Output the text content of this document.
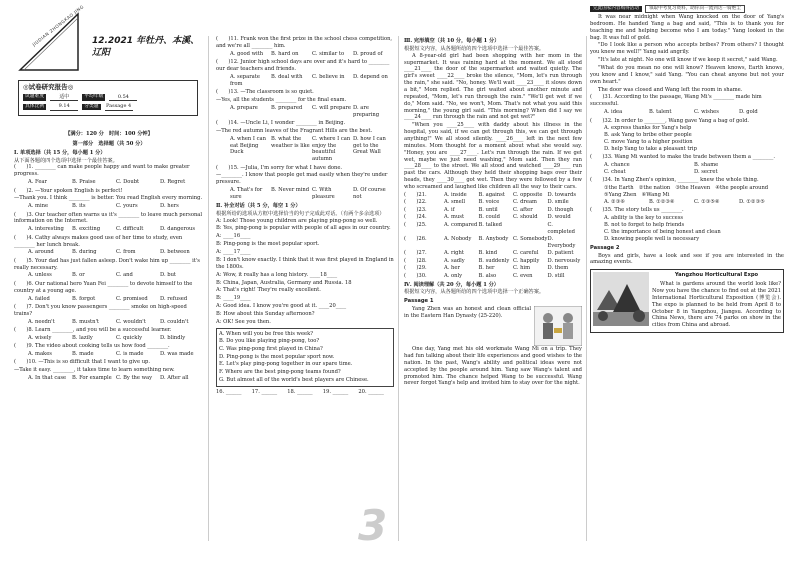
完此国家内容购得活动	领取中考复习资料，助你向一流到达一骑绝尘
JIUDIAN ZHONGKAO JING 12.2021 年牡丹、本溪、辽阳
◎试卷研究报告◎
试题难度	适中	平均年级	0.54
具体比例	9.14	分类题	Passage 4
【满分：120 分　时间：100 分钟】
第一部分　选择题（共 50 分）
Ⅰ. 单项选择（共 15 分，每小题 1 分）
从下面各题的四个选项中选择一个最佳答案。
(　　)1. ________ can make people happy and want to make greater progress.
A. Fear	B. Praise	C. Doubt	D. Regret
(　　)2. —Your spoken English is perfect!
—Thank you. I think ________ is better. You read English every morning.
A. mine	B. its	C. yours	D. hers
(　　)3. Our teacher often warns us it's ________ to leave much personal information on the Internet.
A. interesting	B. exciting	C. difficult	D. dangerous
(　　)4. Cathy always makes good use of her time to study, even ________ her lunch break.
A. around	B. during	C. from	D. between
(　　)5. Your dad has just fallen asleep. Don't wake him up ________ it's really necessary.
A. unless	B. or	C. and	D. but
(　　)6. Our national hero Yuan Fei ________ to devote himself to the country at a young age.
A. failed	B. forgot	C. promised	D. refused
(　　)7. Don't you know passengers ________ smoke on high-speed trains?
A. needn't	B. mustn't	C. wouldn't	D. couldn't
(　　)8. Learn ________, and you will be a successful learner.
A. wisely	B. lazily	C. quickly	D. blindly
(　　)9. The video about cooking tells us how food ________.
A. makes	B. made	C. is made	D. was made
(　　)10. —This is so difficult that I want to give up.
—Take it easy. ________, it takes time to learn something new.
A. In that case	B. For example C. By the way	D. After all
(　　)11. Frank won the first prize in the school chess competition, and we're all ________ him.
A. good with	B. hard on	C. similar to	D. proud of
(　　)12. Junior high school days are over and it's hard to ________ our dear teachers and friends.
A. separate from
B. deal with	C. believe in	D. depend on
(　　)13. —The classroom is so quiet.
—Yes, all the students ________ for the final exam.
A. prepare	B. prepared	C. will prepare D. are preparing
(　　)14. —Uncle Li, I wonder ________ in Beijing.
—The red autumn leaves of the Fragrant Hills are the best.
A. when I can eat Beijing Duck
B. what the weather is like
C. where I can enjoy the beautiful autumn
D. how I can get to the Great Wall
(　　)15. —Julia, I'm sorry for what I have done.
—________. I know that people get mad easily when they're under pressure.
A. That's for sure
B. Never mind C. With pleasure
D. Of course not
Ⅱ. 补全对话（共 5 分，每空 1 分）
根据所给的选项从方框中选择恰当的句子完成此对话。（有两个多余选项）
A: Look! Those young children are playing ping-pong so well.
B: Yes, ping-pong is popular with people of all ages in our country.
A: ____16____
B: Ping-pong is the most popular sport.
A: ____17____
B: I don't know exactly. I think that it was first played in England in the 1800s.
A: Wow, it really has a long history. ____18____
B: China, Japan, Australia, Germany and Russia. 18
A: That's right! They're really excellent.
B: ____19____
A: Good idea. I know you're good at it. ____20____
B: How about this Sunday afternoon?
A: OK! See you then.
A. When will you be free this week?
B. Do you like playing ping-pong, too?
C. Was ping-pong first played in China?
D. Ping-pong is the most popular sport now.
E. Let's play ping-pong together in our spare time.
F. Where are the best ping-pong teams found?
G. But almost all of the world's best players are Chinese.
16. ______	17. ______	18. ______	19. ______	20. ______
Ⅲ. 完形填空（共 10 分，每小题 1 分）
根据短文内容，从各题所给的四个选项中选择一个最佳答案。

A 8-year-old girl had been shopping with her mom in the supermarket. It was raining hard at the moment. We all stood ____21____ the door of the supermarket and waited quietly. The girl's sweet ____22____ broke the silence, "Mom, let's run through the rain," she said. "No, honey. We'll wait ____23____ it slows down a bit," Mom replied. The girl waited about another minute and repeated, "Mom, let's run through the rain." "We'll get wet if we do," Mom said. "No, we won't, Mom. That's not what you said this morning," the young girl said. "This morning? When did I say we ____24____ run through the rain and not get wet?"

"When you ____25____ with daddy about his illness in the hospital, you said, if we can get through this, we can get through anything!" We all stood silently. ____26____ left in the next few minutes. Mom thought for a moment about what she would say. "Honey, you are ____27____. Let's run through the rain. If we get wet, maybe we just need washing," Mom said. Then they ran ____28____ to the street. We all stood and watched ____29____ run past the cars. Although they held their shopping bags over their heads, they ____30____ got wet. Then they were followed by a few who screamed and laughed like children all the way to their cars.

(　　)21.	A. inside	B. against	C. opposite D. towards
(　　)22.	A. smell	B. voice	C. dream	D. smile
(　　)23.	A. if	B. until	C. after	D. though
(　　)24.	A. must	B. could	C. should	D. would
(　　)25.	A. compared B. talked	C. completed
(　　)26.	A. Nobody	B. Anybody C. Somebody D. Everybody
(　　)27.	A. right	B. kind	C. careful	D. patient
(　　)28.	A. sadly	B. suddenly C. happily	D. nervously
(　　)29.	A. her	B. her	C. him	D. them
(　　)30.	A. only	B. also	C. even	D. still
Ⅳ. 阅读理解（共 20 分，每小题 1 分）
根据短文内容，从各题所给的四个选项中选择一个正确答案。
Passage 1

Yang Zhen was an honest and clean official in the Eastern Han Dynasty (25-220).

One day, Yang met his old workmate Wang Mi on a trip. They had fun talking about their life experiences and good wishes to the nation. In the past, Wang's ability and political ideas were not accepted by the people around him. Yang saw Wang's talent and promoted him. The chance helped Wang to be successful. Wang never forgot Yang's help and invited him to stay over for the night.

It was near midnight when Wang knocked on the door of Yang's bedroom. He handed Yang a bag and said, "This is to thank you for teaching me and helping become who I am today." Yang looked in the bag. It was full of gold.

"Do I look like a person who accepts bribes? From others? I thought you knew me well!" Yang said angrily.

"It's late at night. No one will know if we keep it secret," said Wang.

"What do you mean no one will know? Heaven knows, Earth knows, you know and I know," said Yang. "You can cheat anyone but not your own heart."

The door was closed and Wang left the room in shame.

(　　)31. According to the passage, Wang Mi's ________ made him successful.
A. idea	B. talent	C. wishes	D. gold
(　　)32. In order to ________, Wang gave Yang a bag of gold.
A. express thanks for Yang's help
B. ask Yang to bribe other people
C. move Yang to a higher position
D. help Yang to take a pleasant trip
(　　)33. Wang Mi wanted to make the trade between them a ________.
A. chance	B. shame
C. cheat	D. secret
(　　)34. In Yang Zhen's opinion, ________ knew the whole thing.
①the Earth　②the nation　③the Heaven　④the people around　⑤Yang Zhen　⑥Wang Mi
A. ②③⑥	B. ①②③⑥	C. ①③⑤⑥	D. ①②③⑤
(　　)35. The story tells us ________.
A. ability is the key to success
B. not to forget to help friends
C. the importance of being honest and clean
D. knowing people well is necessary
Passage 2

Boys and girls, have a look and see if you are interested in the amazing events.

Yangzhou Horticultural Expo

What is gardens around the world look like? Now you have the chance to find out at the 2021 International Horticultural Exposition (博览会). The expo is planned to be held from April 8 to October 8 in Yangzhou, Jiangsu. According to China News, there are 74 parks on show in the cities from China and abroad.

3
